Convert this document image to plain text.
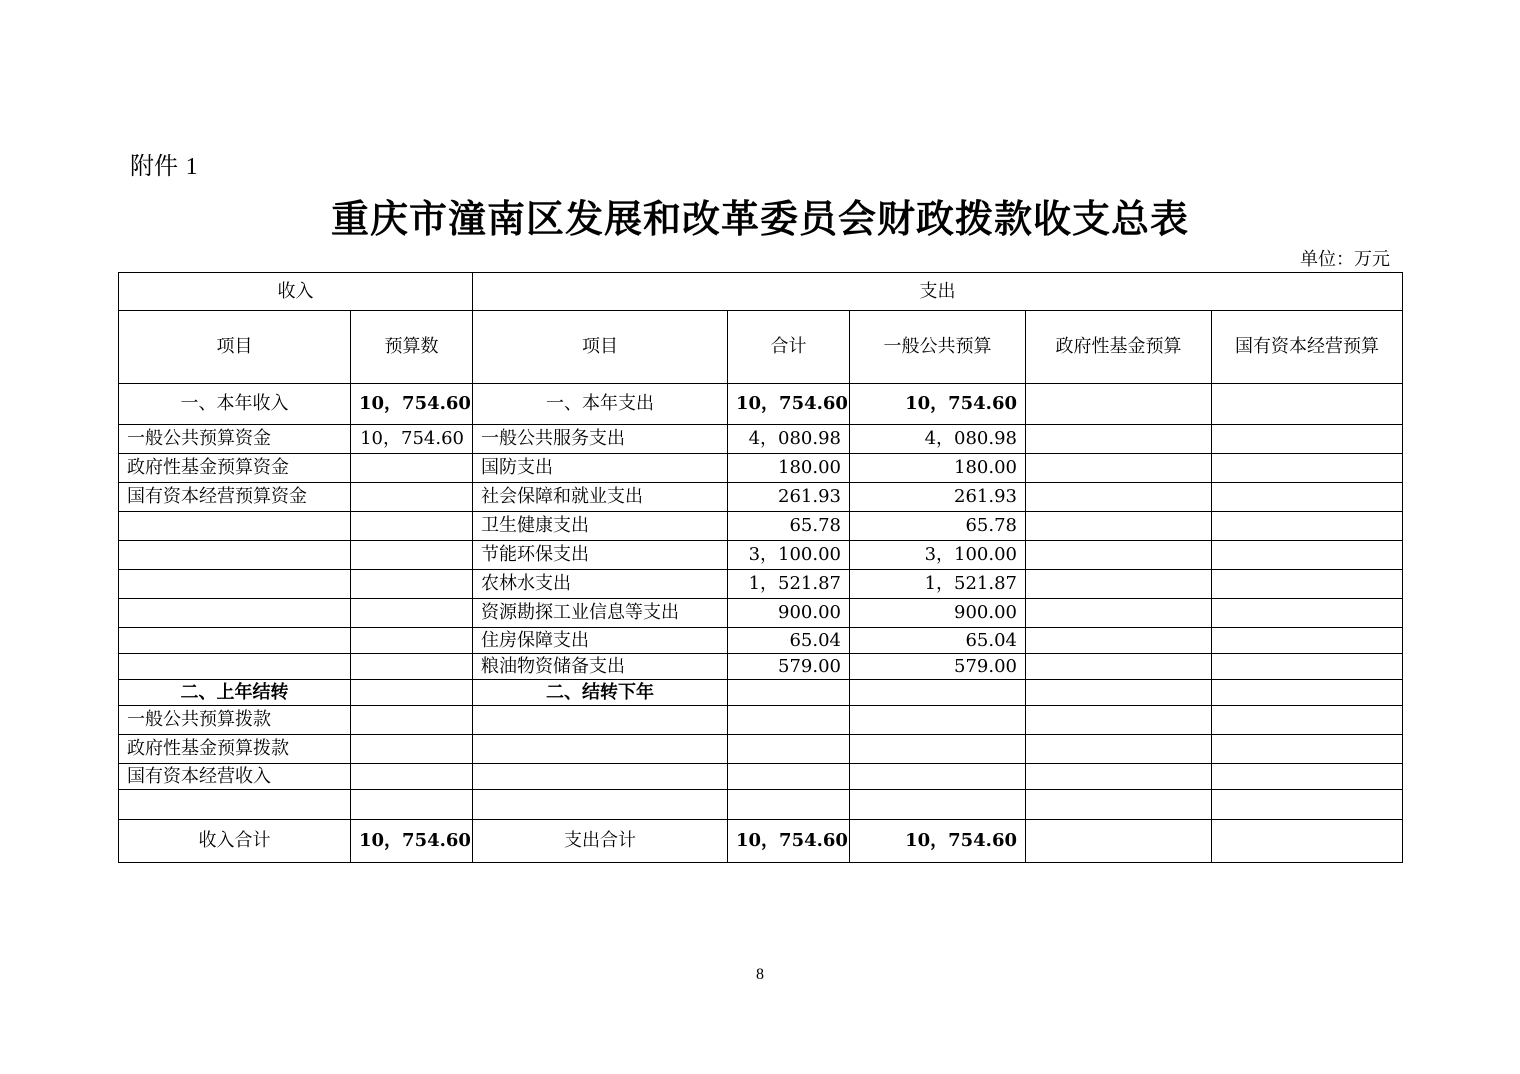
附件 1
重庆市潼南区发展和改革委员会财政拨款收支总表
单位：万元
收入		支出				
项目	预算数	项目	合计	一般公共预算	政府性基金预算	国有资本经营预算
一、本年收入	10，754.60	一、本年支出	10，754.60	10，754.60		
一般公共预算资金	10，754.60	一般公共服务支出	4，080.98	4，080.98		
政府性基金预算资金		国防支出	180.00	180.00		
国有资本经营预算资金		社会保障和就业支出	261.93	261.93		
		卫生健康支出	65.78	65.78		
		节能环保支出	3，100.00	3，100.00		
		农林水支出	1，521.87	1，521.87		
		资源勘探工业信息等支出	900.00	900.00		
		住房保障支出	65.04	65.04		
		粮油物资储备支出	579.00	579.00		
二、上年结转		二、结转下年				
一般公共预算拨款						
政府性基金预算拨款						
国有资本经营收入						

收入合计	10，754.60	支出合计	10，754.60	10，754.60		
8
